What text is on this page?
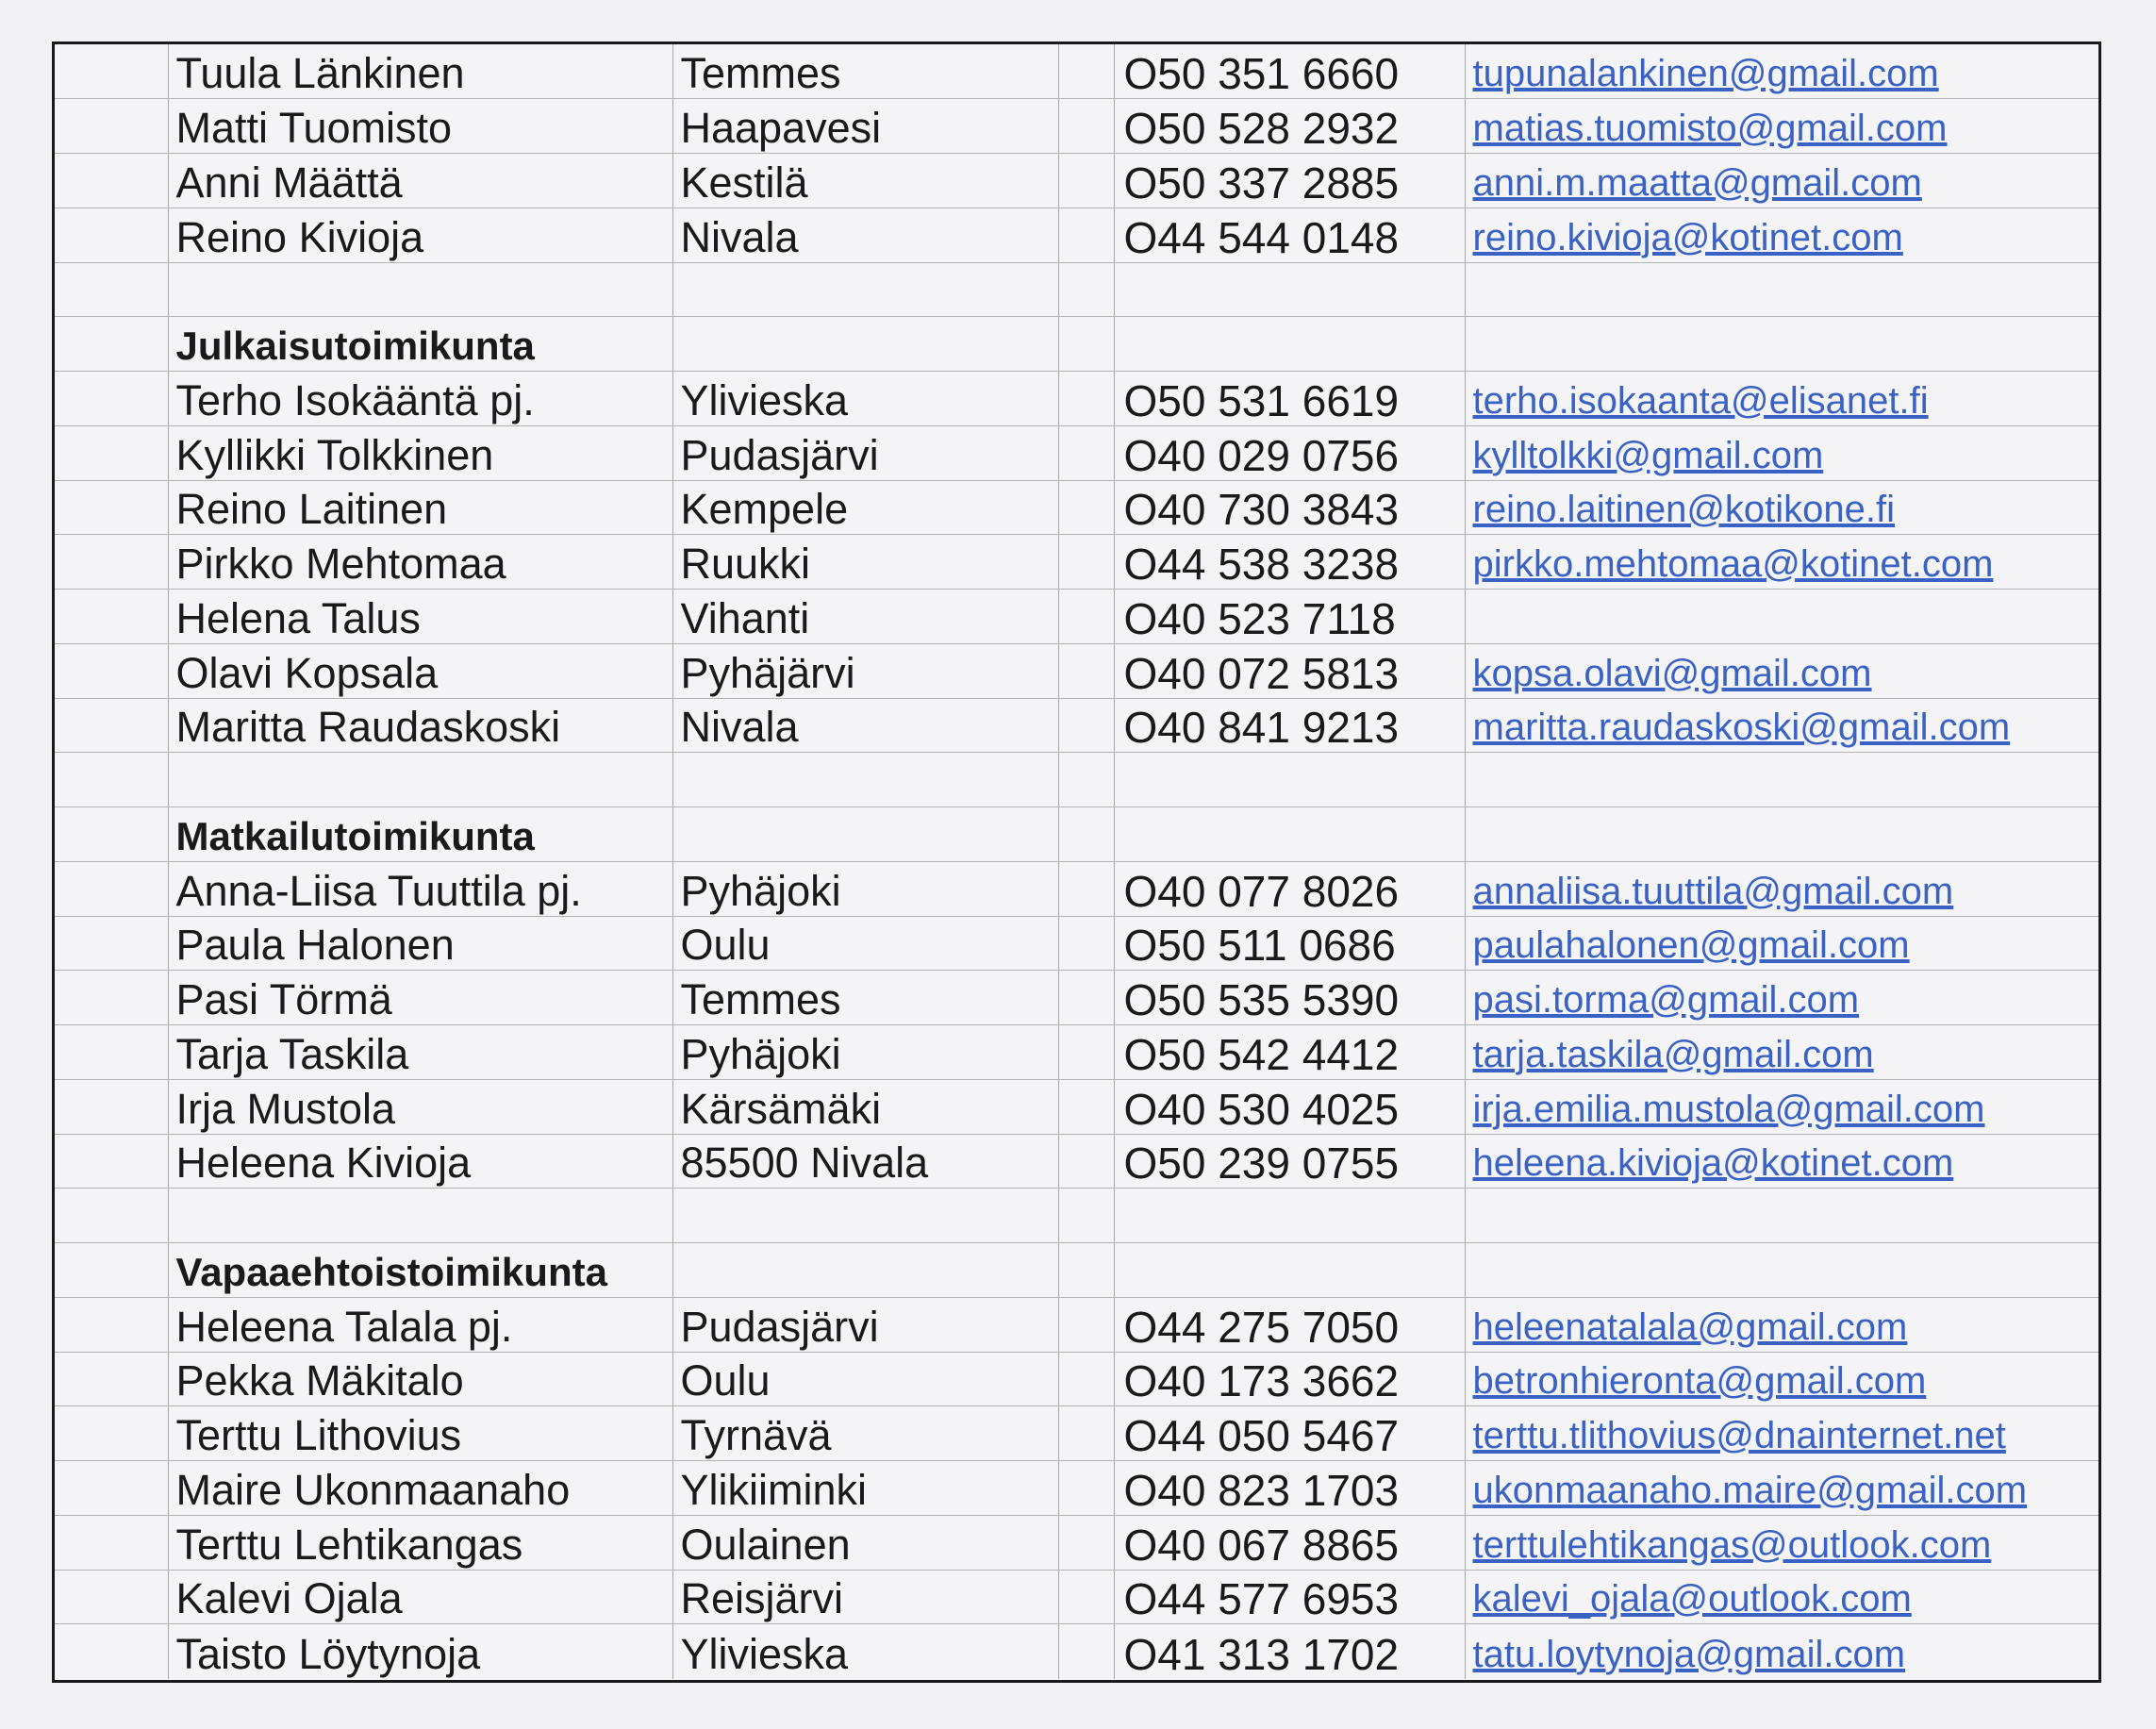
	Tuula Länkinen	Temmes		O50 351 6660	tupunalankinen@gmail.com
	Matti Tuomisto	Haapavesi		O50 528 2932	matias.tuomisto@gmail.com
	Anni Määttä	Kestilä		O50 337 2885	anni.m.maatta@gmail.com
	Reino Kivioja	Nivala		O44 544 0148	reino.kivioja@kotinet.com

	Julkaisutoimikunta				
	Terho Isokääntä pj.	Ylivieska		O50 531 6619	terho.isokaanta@elisanet.fi
	Kyllikki Tolkkinen	Pudasjärvi		O40 029 0756	kylltolkki@gmail.com
	Reino Laitinen	Kempele		O40 730 3843	reino.laitinen@kotikone.fi
	Pirkko Mehtomaa	Ruukki		O44 538 3238	pirkko.mehtomaa@kotinet.com
	Helena Talus	Vihanti		O40 523 7118	
	Olavi Kopsala	Pyhäjärvi		O40 072 5813	kopsa.olavi@gmail.com
	Maritta Raudaskoski	Nivala		O40 841 9213	maritta.raudaskoski@gmail.com

	Matkailutoimikunta				
	Anna-Liisa Tuuttila pj.	Pyhäjoki		O40 077 8026	annaliisa.tuuttila@gmail.com
	Paula Halonen	Oulu		O50 511 0686	paulahalonen@gmail.com
	Pasi Törmä	Temmes		O50 535 5390	pasi.torma@gmail.com
	Tarja Taskila	Pyhäjoki		O50 542 4412	tarja.taskila@gmail.com
	Irja Mustola	Kärsämäki		O40 530 4025	irja.emilia.mustola@gmail.com
	Heleena Kivioja	85500 Nivala		O50 239 0755	heleena.kivioja@kotinet.com

	Vapaaehtoistoimikunta				
	Heleena Talala pj.	Pudasjärvi		O44 275 7050	heleenatalala@gmail.com
	Pekka Mäkitalo	Oulu		O40 173 3662	betronhieronta@gmail.com
	Terttu Lithovius	Tyrnävä		O44 050 5467	terttu.tlithovius@dnainternet.net
	Maire Ukonmaanaho	Ylikiiminki		O40 823 1703	ukonmaanaho.maire@gmail.com
	Terttu Lehtikangas	Oulainen		O40 067 8865	terttulehtikangas@outlook.com
	Kalevi Ojala	Reisjärvi		O44 577 6953	kalevi_ojala@outlook.com
	Taisto Löytynoja	Ylivieska		O41 313 1702	tatu.loytynoja@gmail.com
